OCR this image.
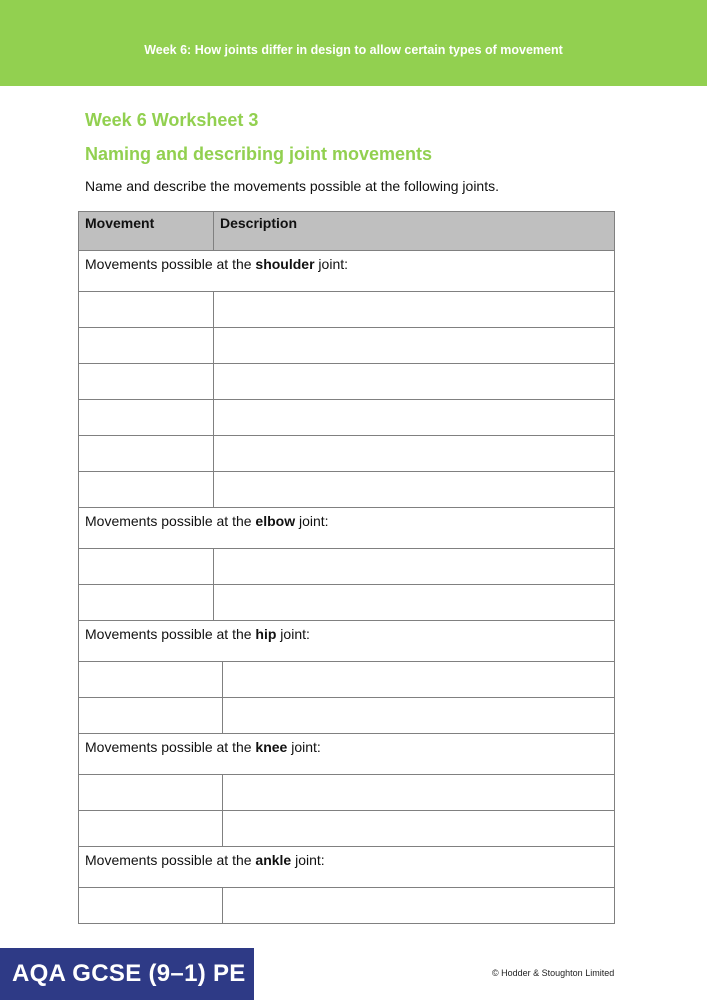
Week 6: How joints differ in design to allow certain types of movement
Week 6 Worksheet 3
Naming and describing joint movements
Name and describe the movements possible at the following joints.
Movement	Description
Movements possible at the shoulder joint:

Movements possible at the elbow joint:

Movements possible at the hip joint:

Movements possible at the knee joint:

Movements possible at the ankle joint:

AQA GCSE (9–1) PE	© Hodder & Stoughton Limited
